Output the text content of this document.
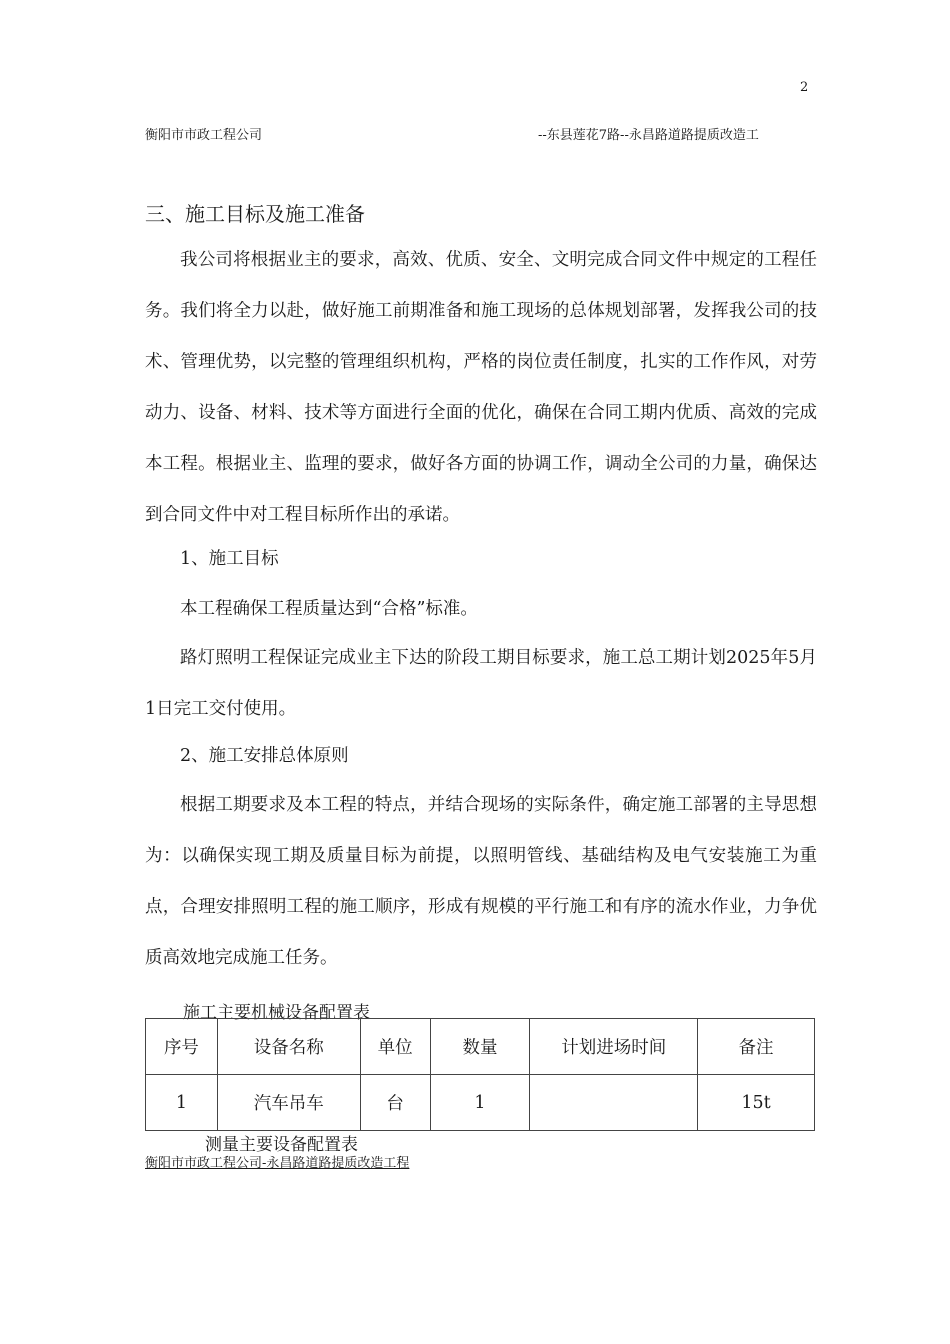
2
衡阳市市政工程公司	--东县莲花7路--永昌路道路提质改造工
三、施工目标及施工准备

我公司将根据业主的要求，高效、优质、安全、文明完成合同文件中规定的工程任务。我们将全力以赴，做好施工前期准备和施工现场的总体规划部署，发挥我公司的技术、管理优势，以完整的管理组织机构，严格的岗位责任制度，扎实的工作作风，对劳动力、设备、材料、技术等方面进行全面的优化，确保在合同工期内优质、高效的完成本工程。根据业主、监理的要求，做好各方面的协调工作，调动全公司的力量，确保达到合同文件中对工程目标所作出的承诺。

1、施工目标
本工程确保工程质量达到“合格”标准。

路灯照明工程保证完成业主下达的阶段工期目标要求，施工总工期计划2025年5月1日完工交付使用。

2、施工安排总体原则

根据工期要求及本工程的特点，并结合现场的实际条件，确定施工部署的主导思想为：以确保实现工期及质量目标为前提，以照明管线、基础结构及电气安装施工为重点，合理安排照明工程的施工顺序，形成有规模的平行施工和有序的流水作业，力争优质高效地完成施工任务。

施工主要机械设备配置表
序号	设备名称	单位	数量	计划进场时间	备注
1	汽车吊车	台	1		15t
测量主要设备配置表
衡阳市市政工程公司-永昌路道路提质改造工程
